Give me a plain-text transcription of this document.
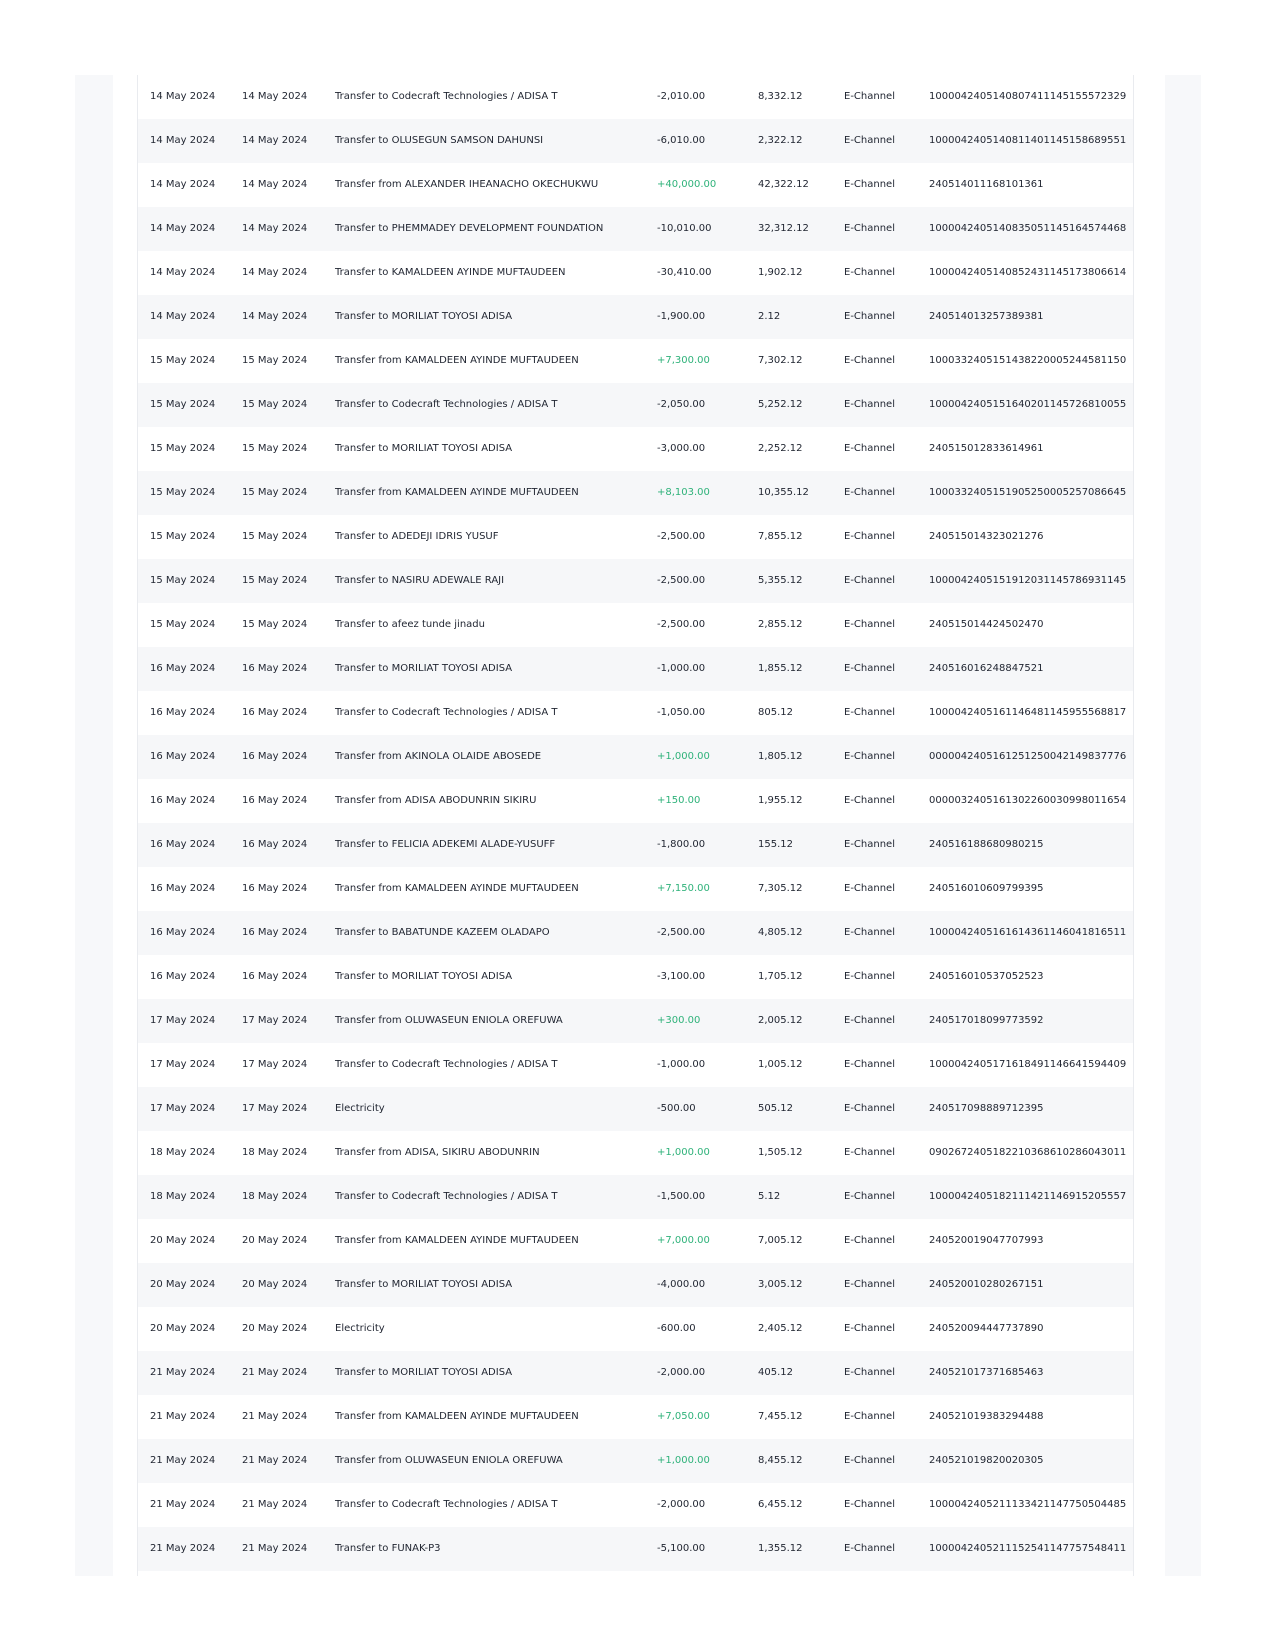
14 May 2024	14 May 2024	Transfer to Codecraft Technologies / ADISA T	-2,010.00	8,332.12	E-Channel	1000042405140807411145155572329
14 May 2024	14 May 2024	Transfer to OLUSEGUN SAMSON DAHUNSI	-6,010.00	2,322.12	E-Channel	1000042405140811401145158689551
14 May 2024	14 May 2024	Transfer from ALEXANDER IHEANACHO OKECHUKWU	+40,000.00	42,322.12	E-Channel	240514011168101361
14 May 2024	14 May 2024	Transfer to PHEMMADEY DEVELOPMENT FOUNDATION	-10,010.00	32,312.12	E-Channel	1000042405140835051145164574468
14 May 2024	14 May 2024	Transfer to KAMALDEEN AYINDE MUFTAUDEEN	-30,410.00	1,902.12	E-Channel	1000042405140852431145173806614
14 May 2024	14 May 2024	Transfer to MORILIAT TOYOSI ADISA	-1,900.00	2.12	E-Channel	240514013257389381
15 May 2024	15 May 2024	Transfer from KAMALDEEN AYINDE MUFTAUDEEN	+7,300.00	7,302.12	E-Channel	1000332405151438220005244581150
15 May 2024	15 May 2024	Transfer to Codecraft Technologies / ADISA T	-2,050.00	5,252.12	E-Channel	1000042405151640201145726810055
15 May 2024	15 May 2024	Transfer to MORILIAT TOYOSI ADISA	-3,000.00	2,252.12	E-Channel	240515012833614961
15 May 2024	15 May 2024	Transfer from KAMALDEEN AYINDE MUFTAUDEEN	+8,103.00	10,355.12	E-Channel	1000332405151905250005257086645
15 May 2024	15 May 2024	Transfer to ADEDEJI IDRIS YUSUF	-2,500.00	7,855.12	E-Channel	240515014323021276
15 May 2024	15 May 2024	Transfer to NASIRU ADEWALE RAJI	-2,500.00	5,355.12	E-Channel	1000042405151912031145786931145
15 May 2024	15 May 2024	Transfer to afeez tunde jinadu	-2,500.00	2,855.12	E-Channel	240515014424502470
16 May 2024	16 May 2024	Transfer to MORILIAT TOYOSI ADISA	-1,000.00	1,855.12	E-Channel	240516016248847521
16 May 2024	16 May 2024	Transfer to Codecraft Technologies / ADISA T	-1,050.00	805.12	E-Channel	1000042405161146481145955568817
16 May 2024	16 May 2024	Transfer from AKINOLA OLAIDE ABOSEDE	+1,000.00	1,805.12	E-Channel	0000042405161251250042149837776
16 May 2024	16 May 2024	Transfer from ADISA ABODUNRIN SIKIRU	+150.00	1,955.12	E-Channel	0000032405161302260030998011654
16 May 2024	16 May 2024	Transfer to FELICIA ADEKEMI ALADE-YUSUFF	-1,800.00	155.12	E-Channel	240516188680980215
16 May 2024	16 May 2024	Transfer from KAMALDEEN AYINDE MUFTAUDEEN	+7,150.00	7,305.12	E-Channel	240516010609799395
16 May 2024	16 May 2024	Transfer to BABATUNDE KAZEEM OLADAPO	-2,500.00	4,805.12	E-Channel	1000042405161614361146041816511
16 May 2024	16 May 2024	Transfer to MORILIAT TOYOSI ADISA	-3,100.00	1,705.12	E-Channel	240516010537052523
17 May 2024	17 May 2024	Transfer from OLUWASEUN ENIOLA OREFUWA	+300.00	2,005.12	E-Channel	240517018099773592
17 May 2024	17 May 2024	Transfer to Codecraft Technologies / ADISA T	-1,000.00	1,005.12	E-Channel	1000042405171618491146641594409
17 May 2024	17 May 2024	Electricity	-500.00	505.12	E-Channel	240517098889712395
18 May 2024	18 May 2024	Transfer from ADISA, SIKIRU ABODUNRIN	+1,000.00	1,505.12	E-Channel	0902672405182210368610286043011
18 May 2024	18 May 2024	Transfer to Codecraft Technologies / ADISA T	-1,500.00	5.12	E-Channel	1000042405182111421146915205557
20 May 2024	20 May 2024	Transfer from KAMALDEEN AYINDE MUFTAUDEEN	+7,000.00	7,005.12	E-Channel	240520019047707993
20 May 2024	20 May 2024	Transfer to MORILIAT TOYOSI ADISA	-4,000.00	3,005.12	E-Channel	240520010280267151
20 May 2024	20 May 2024	Electricity	-600.00	2,405.12	E-Channel	240520094447737890
21 May 2024	21 May 2024	Transfer to MORILIAT TOYOSI ADISA	-2,000.00	405.12	E-Channel	240521017371685463
21 May 2024	21 May 2024	Transfer from KAMALDEEN AYINDE MUFTAUDEEN	+7,050.00	7,455.12	E-Channel	240521019383294488
21 May 2024	21 May 2024	Transfer from OLUWASEUN ENIOLA OREFUWA	+1,000.00	8,455.12	E-Channel	240521019820020305
21 May 2024	21 May 2024	Transfer to Codecraft Technologies / ADISA T	-2,000.00	6,455.12	E-Channel	1000042405211133421147750504485
21 May 2024	21 May 2024	Transfer to FUNAK-P3	-5,100.00	1,355.12	E-Channel	1000042405211152541147757548411
